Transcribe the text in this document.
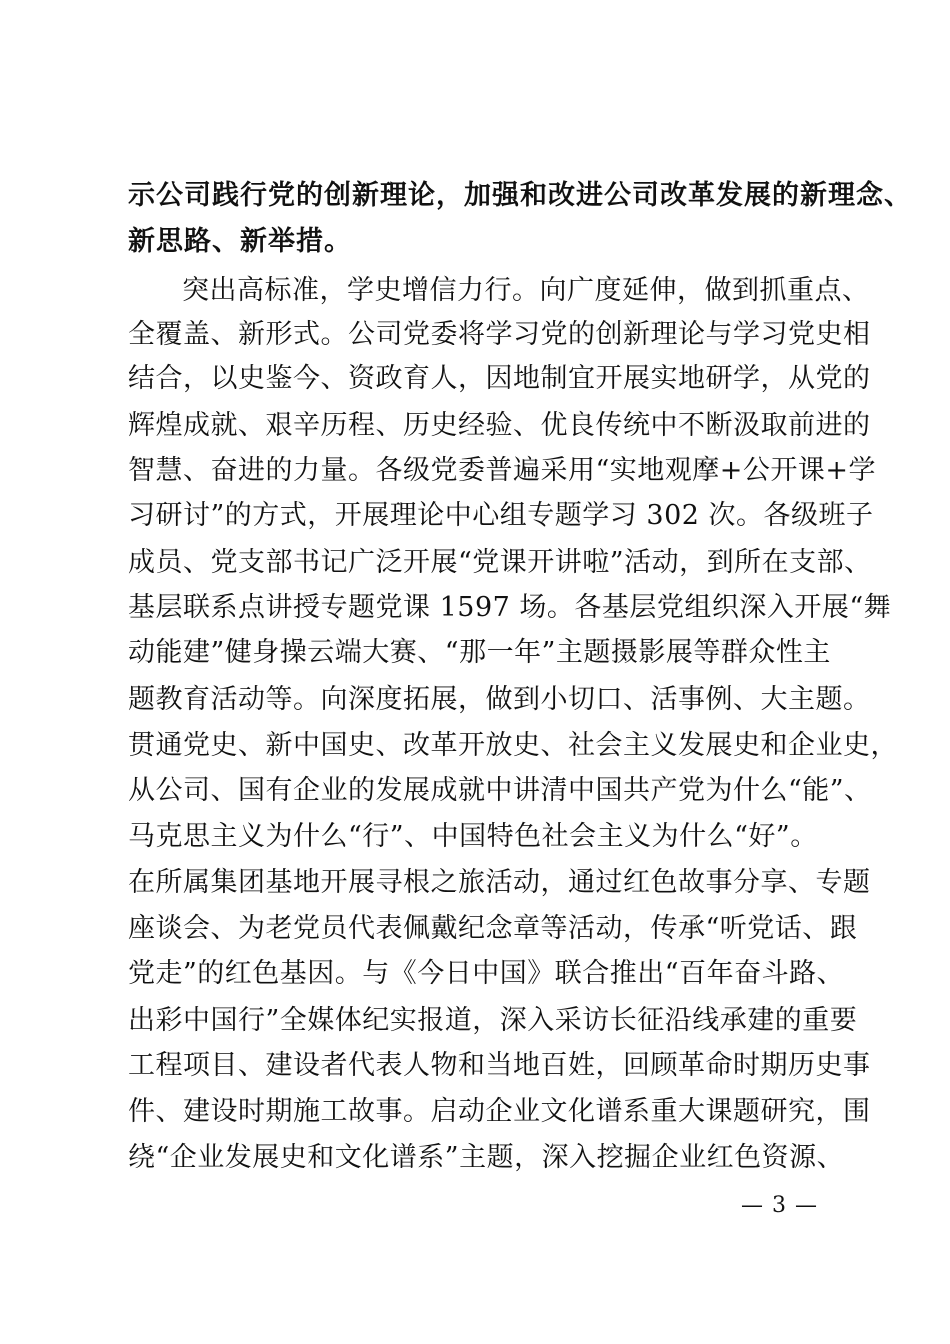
示公司践行党的创新理论，加强和改进公司改革发展的新理念、
新思路、新举措。
突出高标准，学史增信力行。向广度延伸，做到抓重点、
全覆盖、新形式。公司党委将学习党的创新理论与学习党史相
结合，以史鉴今、资政育人，因地制宜开展实地研学，从党的
辉煌成就、艰辛历程、历史经验、优良传统中不断汲取前进的
智慧、奋进的力量。各级党委普遍采用“实地观摩+公开课+学
习研讨”的方式，开展理论中心组专题学习 302 次。各级班子
成员、党支部书记广泛开展“党课开讲啦”活动，到所在支部、
基层联系点讲授专题党课 1597 场。各基层党组织深入开展“舞
动能建”健身操云端大赛、“那一年”主题摄影展等群众性主
题教育活动等。向深度拓展，做到小切口、活事例、大主题。
贯通党史、新中国史、改革开放史、社会主义发展史和企业史，
从公司、国有企业的发展成就中讲清中国共产党为什么“能”、
马克思主义为什么“行”、中国特色社会主义为什么“好”。
在所属集团基地开展寻根之旅活动，通过红色故事分享、专题
座谈会、为老党员代表佩戴纪念章等活动，传承“听党话、跟
党走”的红色基因。与《今日中国》联合推出“百年奋斗路、
出彩中国行”全媒体纪实报道，深入采访长征沿线承建的重要
工程项目、建设者代表人物和当地百姓，回顾革命时期历史事
件、建设时期施工故事。启动企业文化谱系重大课题研究，围
绕“企业发展史和文化谱系”主题，深入挖掘企业红色资源、
— 3 —
